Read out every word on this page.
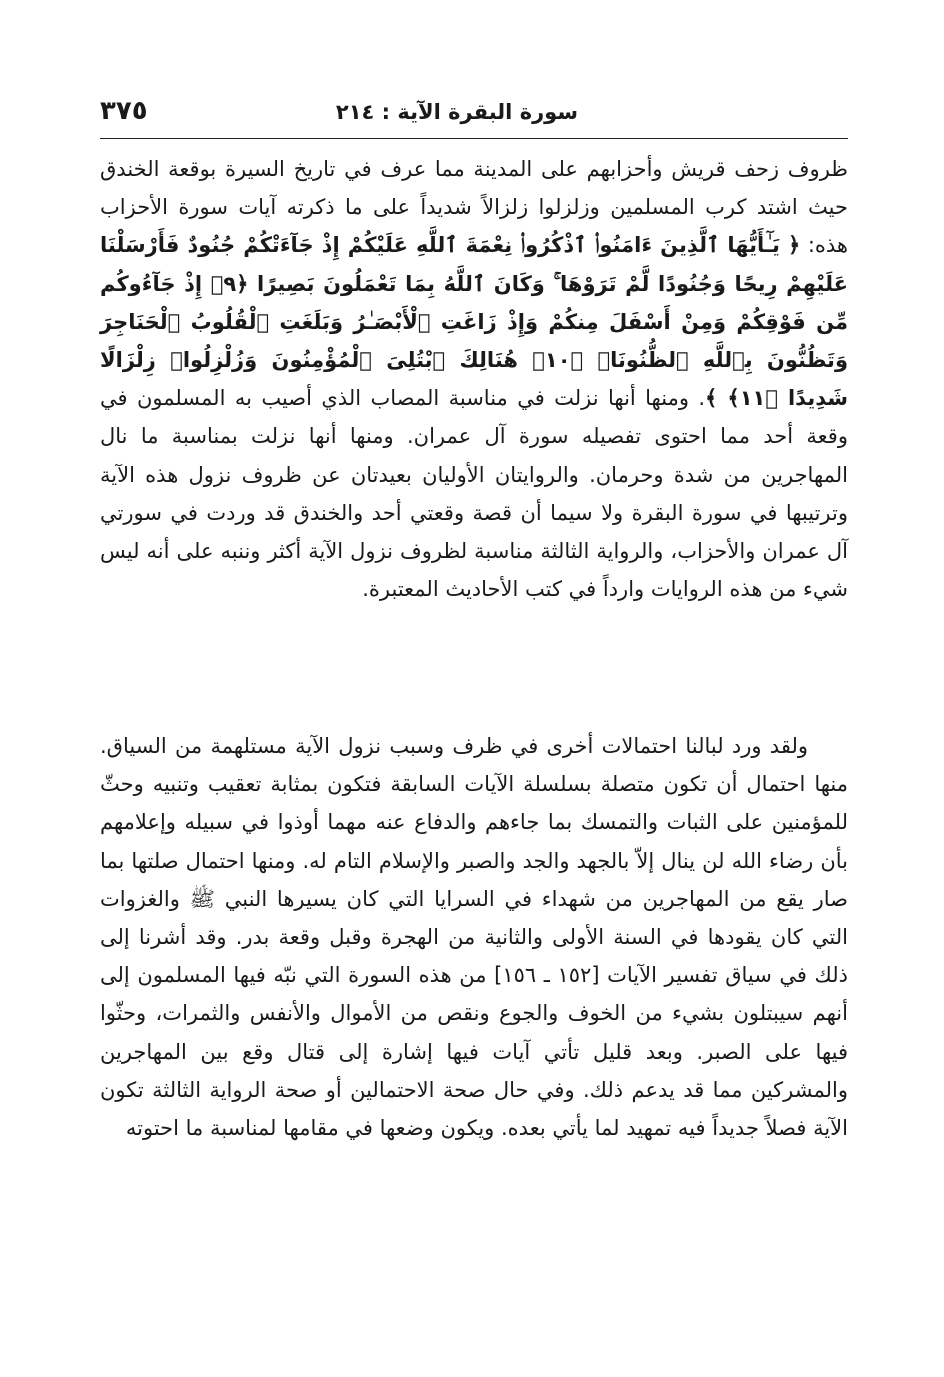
٣٧٥	سورة البقرة الآية : ٢١٤

ظروف زحف قريش وأحزابهم على المدينة مما عرف في تاريخ السيرة بوقعة الخندق حيث اشتد كرب المسلمين وزلزلوا زلزالاً شديداً على ما ذكرته آيات سورة الأحزاب هذه: ﴿ يَـٰٓأَيُّهَا ٱلَّذِينَ ءَامَنُوا۟ ٱذْكُرُوا۟ نِعْمَةَ ٱللَّهِ عَلَيْكُمْ إِذْ جَآءَتْكُمْ جُنُودٌ فَأَرْسَلْنَا عَلَيْهِمْ رِيحًا وَجُنُودًا لَّمْ تَرَوْهَا ۚ وَكَانَ ٱللَّهُ بِمَا تَعْمَلُونَ بَصِيرًا ﴿٩﴾ إِذْ جَآءُوكُم مِّن فَوْقِكُمْ وَمِنْ أَسْفَلَ مِنكُمْ وَإِذْ زَاغَتِ ٱلْأَبْصَـٰرُ وَبَلَغَتِ ٱلْقُلُوبُ ٱلْحَنَاجِرَ وَتَظُنُّونَ بِٱللَّهِ ٱلظُّنُونَا۠ ﴿١٠﴾ هُنَالِكَ ٱبْتُلِىَ ٱلْمُؤْمِنُونَ وَزُلْزِلُوا۟ زِلْزَالًا شَدِيدًا ﴿١١﴾ ﴾. ومنها أنها نزلت في مناسبة المصاب الذي أصيب به المسلمون في وقعة أحد مما احتوى تفصيله سورة آل عمران. ومنها أنها نزلت بمناسبة ما نال المهاجرين من شدة وحرمان. والروايتان الأوليان بعيدتان عن ظروف نزول هذه الآية وترتيبها في سورة البقرة ولا سيما أن قصة وقعتي أحد والخندق قد وردت في سورتي آل عمران والأحزاب، والرواية الثالثة مناسبة لظروف نزول الآية أكثر وننبه على أنه ليس شيء من هذه الروايات وارداً في كتب الأحاديث المعتبرة.

ولقد ورد لبالنا احتمالات أخرى في ظرف وسبب نزول الآية مستلهمة من السياق. منها احتمال أن تكون متصلة بسلسلة الآيات السابقة فتكون بمثابة تعقيب وتنبيه وحثّ للمؤمنين على الثبات والتمسك بما جاءهم والدفاع عنه مهما أوذوا في سبيله وإعلامهم بأن رضاء الله لن ينال إلاّ بالجهد والجد والصبر والإسلام التام له. ومنها احتمال صلتها بما صار يقع من المهاجرين من شهداء في السرايا التي كان يسيرها النبي ﷺ والغزوات التي كان يقودها في السنة الأولى والثانية من الهجرة وقبل وقعة بدر. وقد أشرنا إلى ذلك في سياق تفسير الآيات [١٥٢ ـ ١٥٦] من هذه السورة التي نبّه فيها المسلمون إلى أنهم سيبتلون بشيء من الخوف والجوع ونقص من الأموال والأنفس والثمرات، وحثّوا فيها على الصبر. وبعد قليل تأتي آيات فيها إشارة إلى قتال وقع بين المهاجرين والمشركين مما قد يدعم ذلك. وفي حال صحة الاحتمالين أو صحة الرواية الثالثة تكون الآية فصلاً جديداً فيه تمهيد لما يأتي بعده. ويكون وضعها في مقامها لمناسبة ما احتوته
